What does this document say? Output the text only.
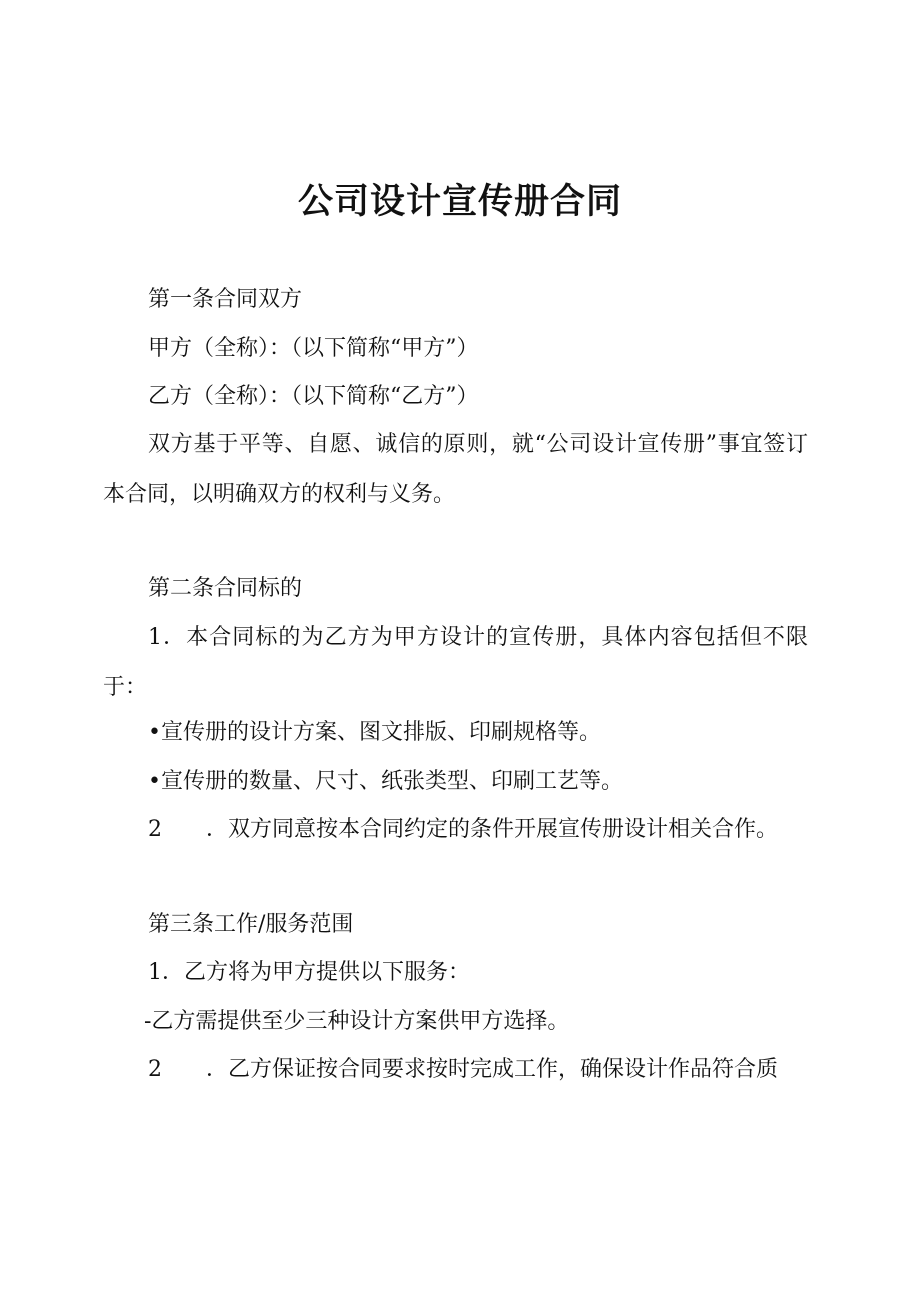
公司设计宣传册合同
第一条合同双方
甲方（全称）：（以下简称“甲方”）
乙方（全称）：（以下简称“乙方”）
双方基于平等、自愿、诚信的原则，就“公司设计宣传册”事宜签订本合同，以明确双方的权利与义务。
第二条合同标的
1．本合同标的为乙方为甲方设计的宣传册，具体内容包括但不限于：
•宣传册的设计方案、图文排版、印刷规格等。
•宣传册的数量、尺寸、纸张类型、印刷工艺等。
2 ．双方同意按本合同约定的条件开展宣传册设计相关合作。
第三条工作/服务范围
1．乙方将为甲方提供以下服务：
-乙方需提供至少三种设计方案供甲方选择。
2 ．乙方保证按合同要求按时完成工作，确保设计作品符合质
